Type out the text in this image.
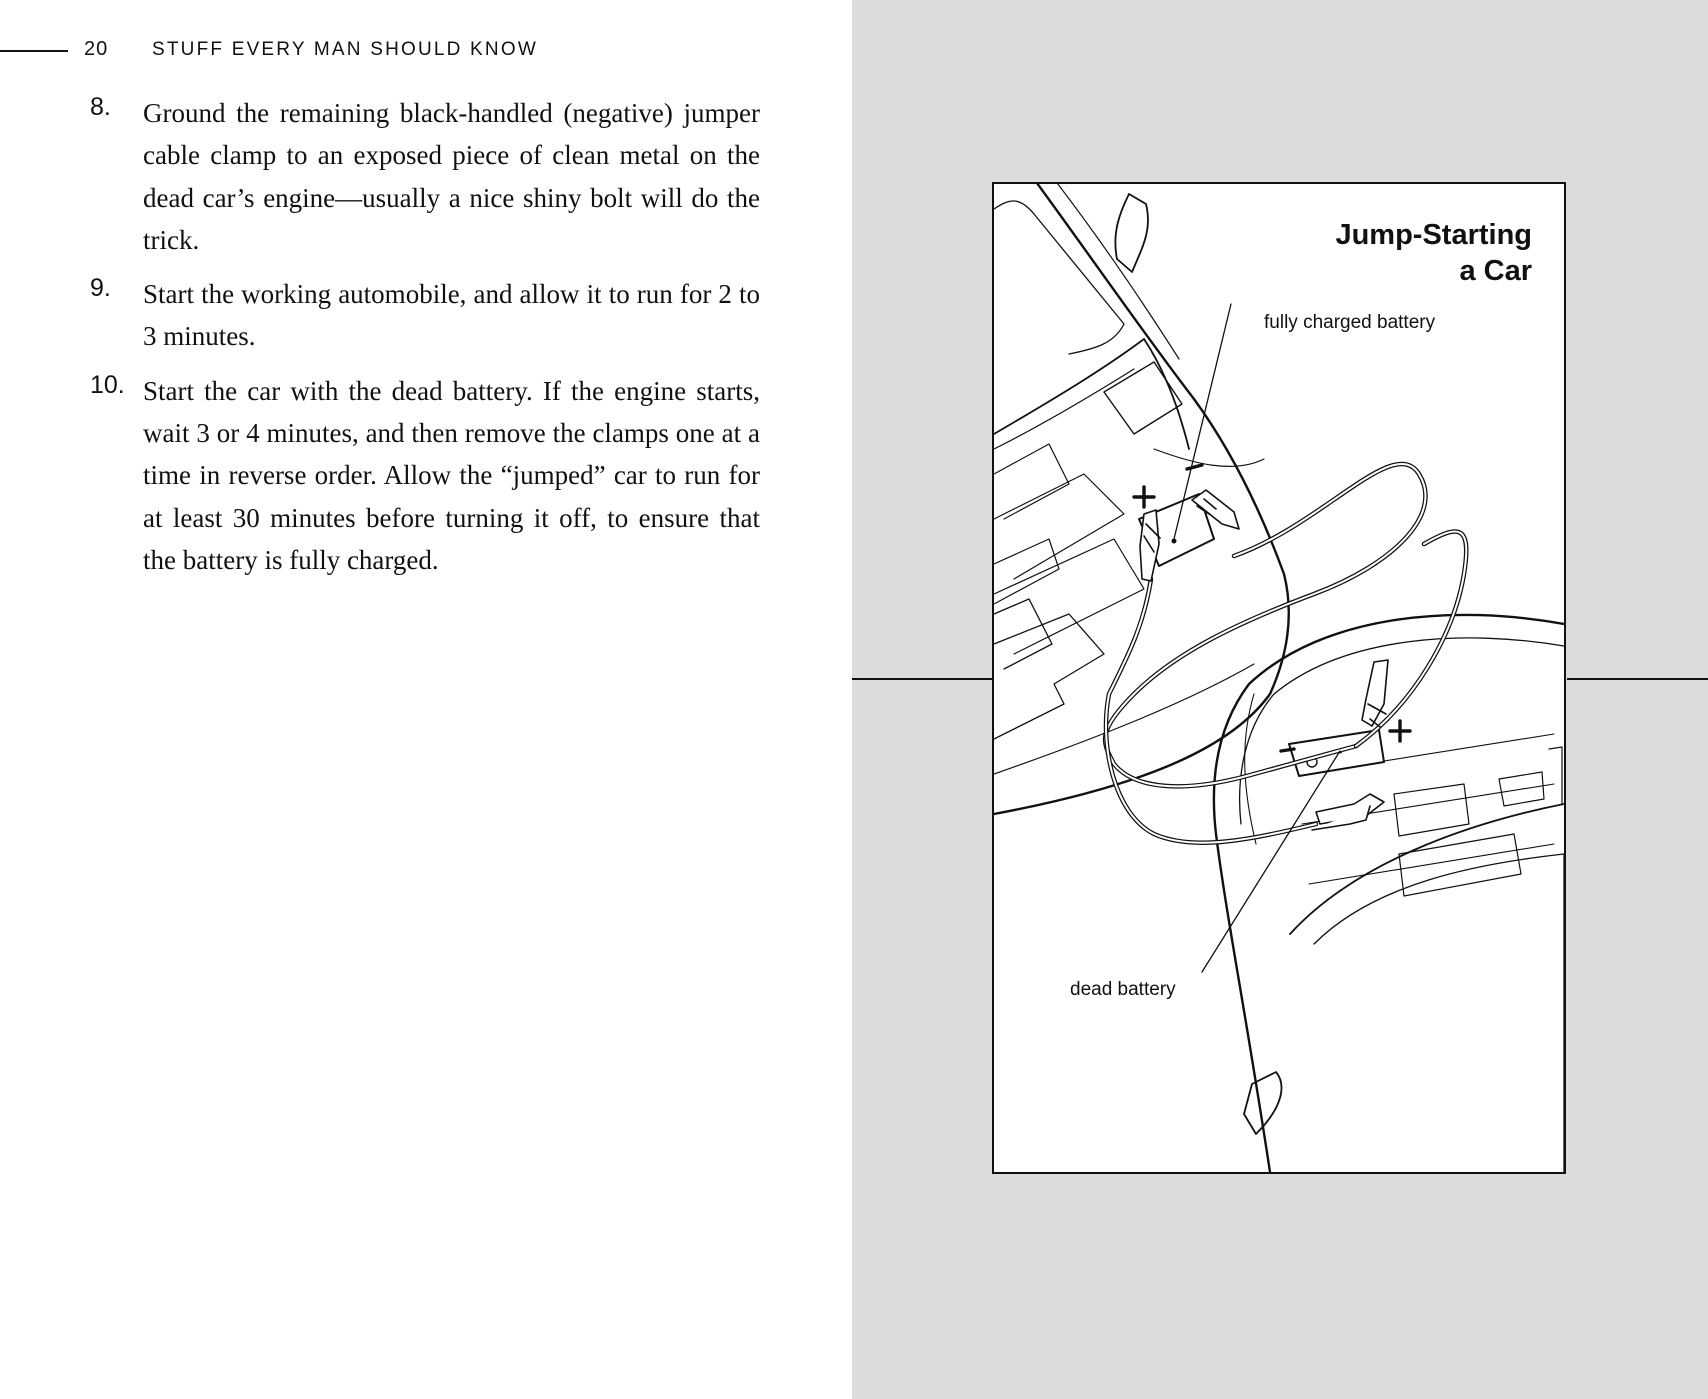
20 STUFF EVERY MAN SHOULD KNOW
8. Ground the remaining black-handled (negative) jumper cable clamp to an exposed piece of clean metal on the dead car’s engine—usually a nice shiny bolt will do the trick.

9. Start the working automobile, and allow it to run for 2 to 3 minutes.

10. Start the car with the dead battery. If the engine starts, wait 3 or 4 minutes, and then remove the clamps one at a time in reverse order. Allow the “jumped” car to run for at least 30 minutes before turning it off, to ensure that the battery is fully charged.

Jump-Starting
a Car
fully charged battery
dead battery
